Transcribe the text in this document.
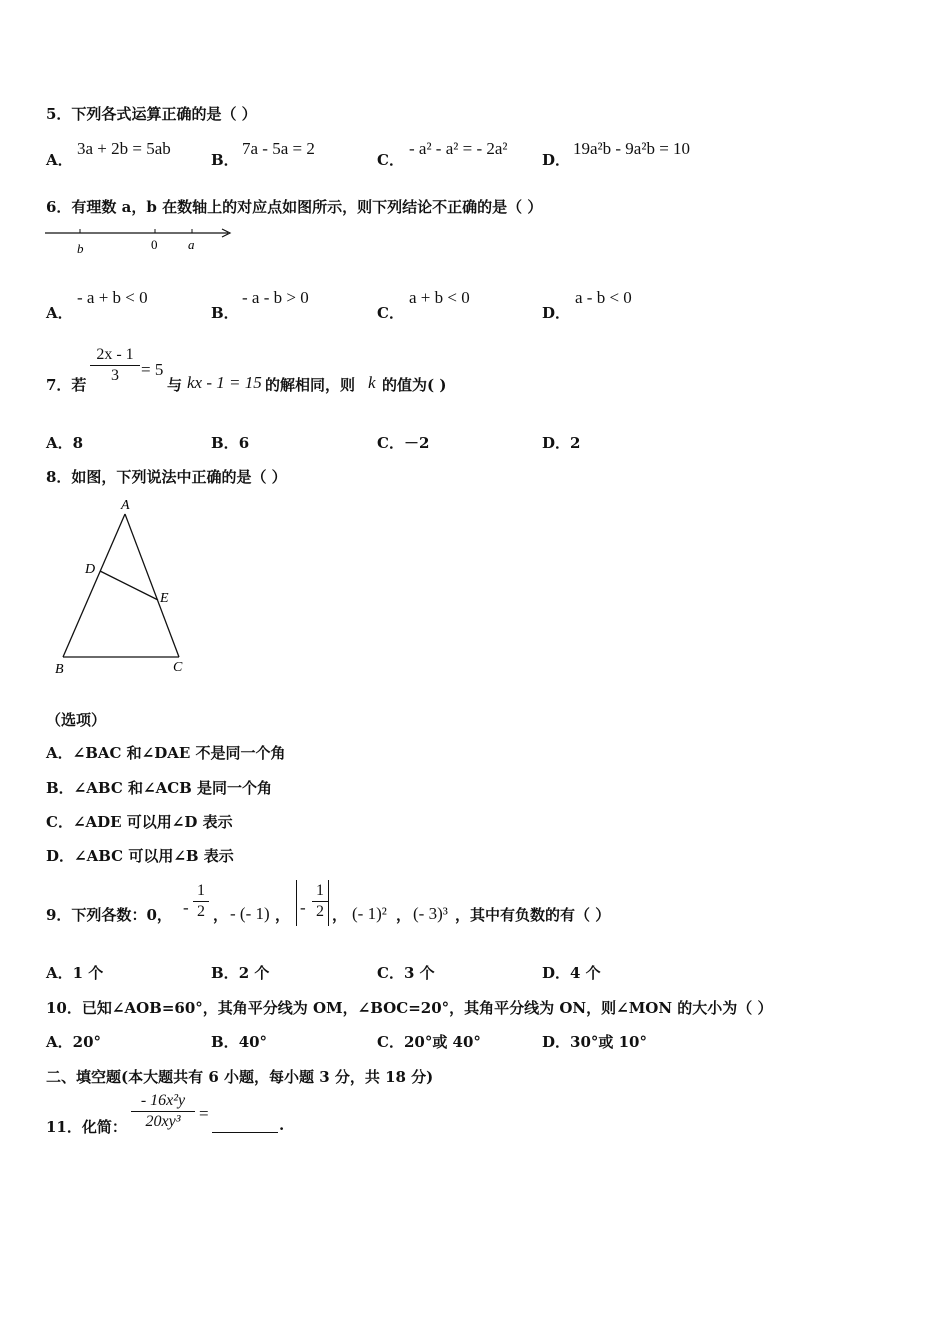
5．下列各式运算正确的是（ ）
A．
3a + 2b = 5ab
B．
7a - 5a = 2
C．
- a² - a² = - 2a²
D．
19a²b - 9a²b = 10
6．有理数 a，b 在数轴上的对应点如图所示，则下列结论不正确的是（ ）
b	0 a
A．
- a + b < 0
B．
- a - b > 0
C．
a + b < 0
D．
a - b < 0
7．若
2x - 1
3	= 5
与 kx - 1 = 15 的解相同，则 k 的值为( )
A．8	B．6	C．－2	D．2
8．如图，下列说法中正确的是（ ）
A
D
E
B	C
（选项）
A．∠BAC 和∠DAE 不是同一个角
B．∠ABC 和∠ACB 是同一个角
C．∠ADE 可以用∠D 表示
D．∠ABC 可以用∠B 表示
9．下列各数：0， -
1
2 ， - (- 1) ， -
1
2 ， (- 1)² ， (- 3)³ ，其中有负数的有（ ）
A．1 个	B．2 个	C．3 个	D．4 个
10．已知∠AOB=60°，其角平分线为 OM，∠BOC=20°，其角平分线为 ON，则∠MON 的大小为（ ）
A．20°	B．40°	C．20°或 40°	D．30°或 10°
二、填空题(本大题共有 6 小题，每小题 3 分，共 18 分)
11．化简：
- 16x²y
20xy³	=
.
